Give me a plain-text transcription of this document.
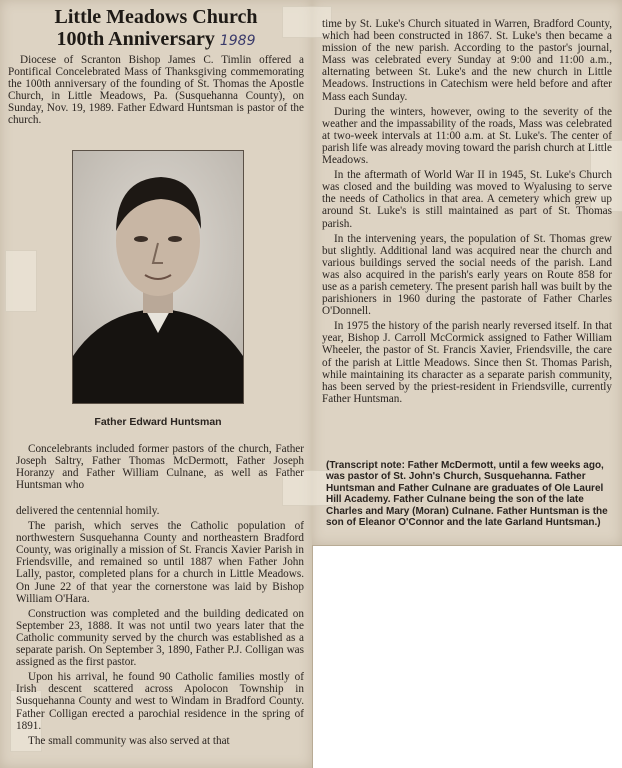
Little Meadows Church
100th Anniversary 1989

Diocese of Scranton Bishop James C. Timlin offered a Pontifical Concelebrated Mass of Thanksgiving commemorating the 100th anniversary of the founding of St. Thomas the Apostle Church, in Little Meadows, Pa. (Susquehanna County), on Sunday, Nov. 19, 1989. Father Edward Huntsman is pastor of the church.

Father Edward Huntsman

Concelebrants included former pastors of the church, Father Joseph Saltry, Father Thomas McDermott, Father Joseph Horanzy and Father William Culnane, as well as Father Huntsman who

delivered the centennial homily.

The parish, which serves the Catholic population of northwestern Susquehanna County and northeastern Bradford County, was originally a mission of St. Francis Xavier Parish in Friendsville, and remained so until 1887 when Father John Lally, pastor, completed plans for a church in Little Meadows. On June 22 of that year the cornerstone was laid by Bishop William O'Hara.

Construction was completed and the building dedicated on September 23, 1888. It was not until two years later that the Catholic community served by the church was established as a separate parish. On September 3, 1890, Father P.J. Colligan was assigned as the first pastor.

Upon his arrival, he found 90 Catholic families mostly of Irish descent scattered across Apolocon Township in Susquehanna County and west to Windam in Bradford County. Father Colligan erected a parochial residence in the spring of 1891.

The small community was also served at that

time by St. Luke's Church situated in Warren, Bradford County, which had been constructed in 1867. St. Luke's then became a mission of the new parish. According to the pastor's journal, Mass was celebrated every Sunday at 9:00 and 11:00 a.m., alternating between St. Luke's and the new church in Little Meadows. Instructions in Catechism were held before and after Mass each Sunday.

During the winters, however, owing to the severity of the weather and the impassability of the roads, Mass was celebrated at two-week intervals at 11:00 a.m. at St. Luke's. The center of parish life was already moving toward the parish church at Little Meadows.

In the aftermath of World War II in 1945, St. Luke's Church was closed and the building was moved to Wyalusing to serve the needs of Catholics in that area. A cemetery which grew up around St. Luke's is still maintained as part of St. Thomas parish.

In the intervening years, the population of St. Thomas grew but slightly. Additional land was acquired near the church and various buildings served the social needs of the parish. Land was also acquired in the parish's early years on Route 858 for use as a parish cemetery. The present parish hall was built by the parishioners in 1960 during the pastorate of Father Charles O'Donnell.

In 1975 the history of the parish nearly reversed itself. In that year, Bishop J. Carroll McCormick assigned to Father William Wheeler, the pastor of St. Francis Xavier, Friendsville, the care of the parish at Little Meadows. Since then St. Thomas Parish, while maintaining its character as a separate parish community, has been served by the priest-resident in Friendsville, currently Father Huntsman.

(Transcript note: Father McDermott, until a few weeks ago, was pastor of St. John's Church, Susquehanna. Father Huntsman and Father Culnane are graduates of Ole Laurel Hill Academy. Father Culnane being the son of the late Charles and Mary (Moran) Culnane. Father Huntsman is the son of Eleanor O'Connor and the late Garland Huntsman.)
